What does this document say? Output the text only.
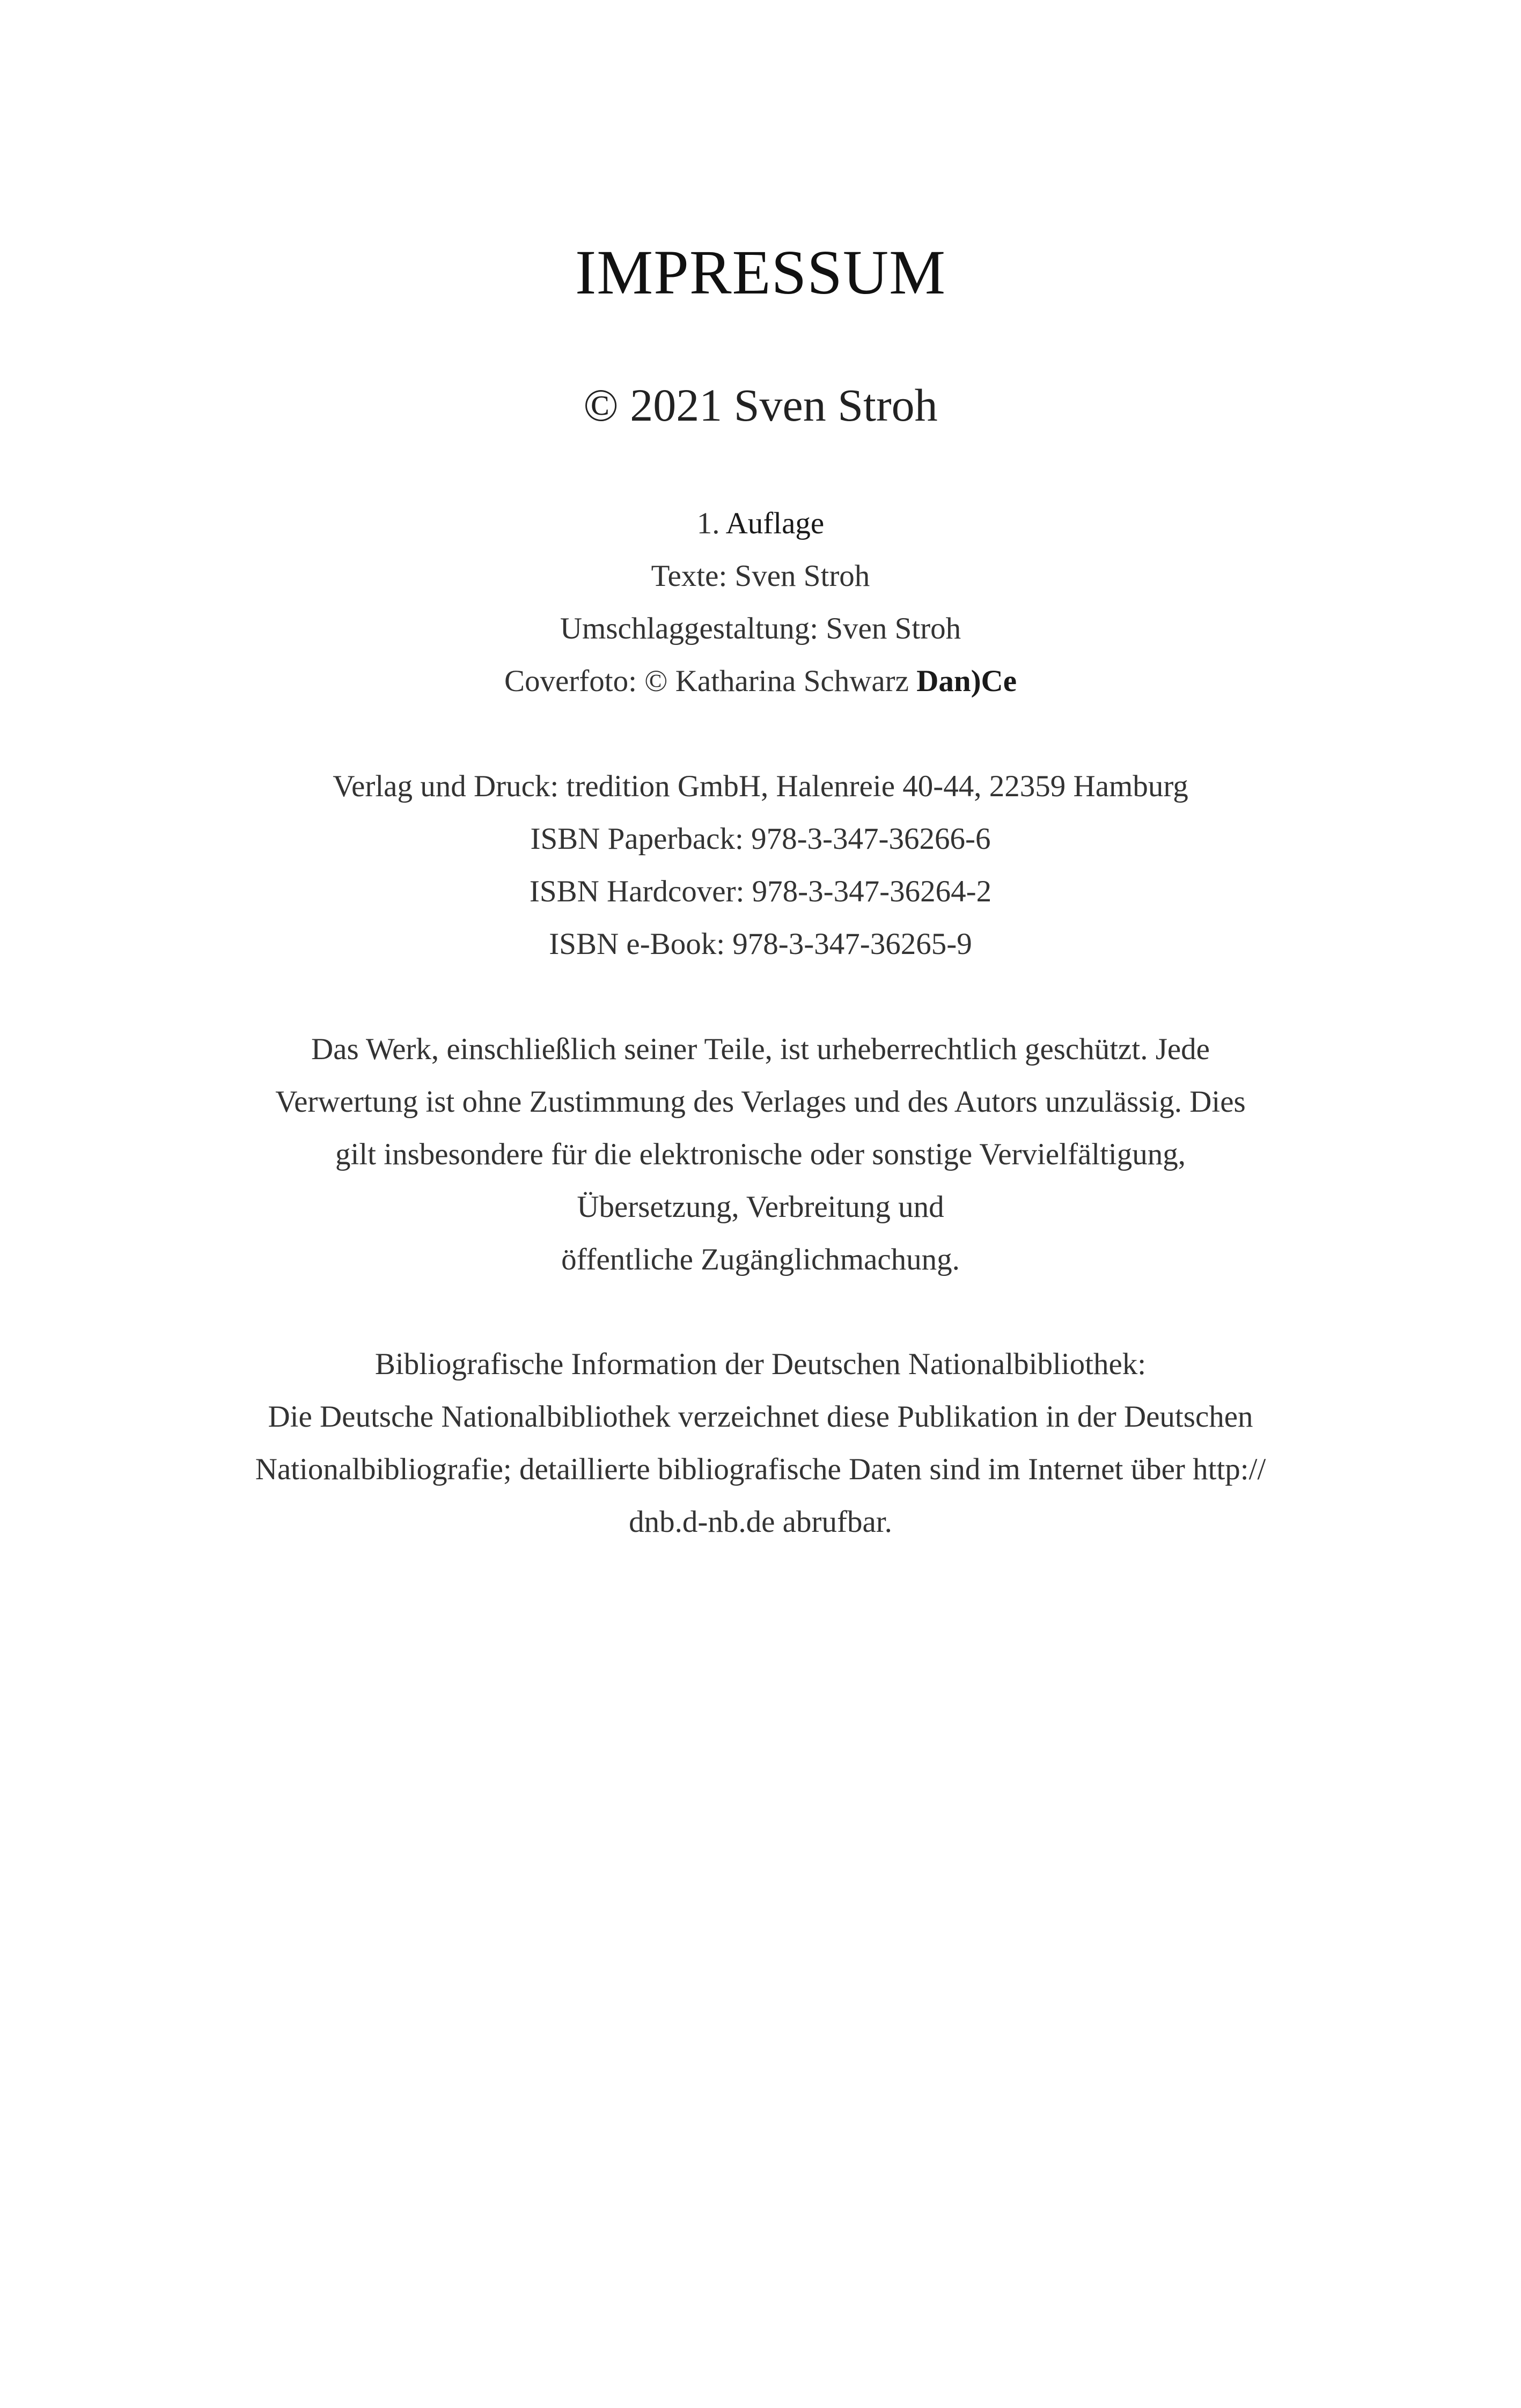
IMPRESSUM
© 2021 Sven Stroh
1. Auflage
Texte: Sven Stroh
Umschlaggestaltung: Sven Stroh
Coverfoto: © Katharina Schwarz Dan)Ce
Verlag und Druck: tredition GmbH, Halenreie 40-44, 22359 Hamburg
ISBN Paperback: 978-3-347-36266-6
ISBN Hardcover: 978-3-347-36264-2
ISBN e-Book: 978-3-347-36265-9
Das Werk, einschließlich seiner Teile, ist urheberrechtlich geschützt. Jede
Verwertung ist ohne Zustimmung des Verlages und des Autors unzulässig. Dies
gilt insbesondere für die elektronische oder sonstige Vervielfältigung,
Übersetzung, Verbreitung und
öffentliche Zugänglichmachung.
Bibliografische Information der Deutschen Nationalbibliothek:
Die Deutsche Nationalbibliothek verzeichnet diese Publikation in der Deutschen
Nationalbibliografie; detaillierte bibliografische Daten sind im Internet über http://
dnb.d-nb.de abrufbar.
